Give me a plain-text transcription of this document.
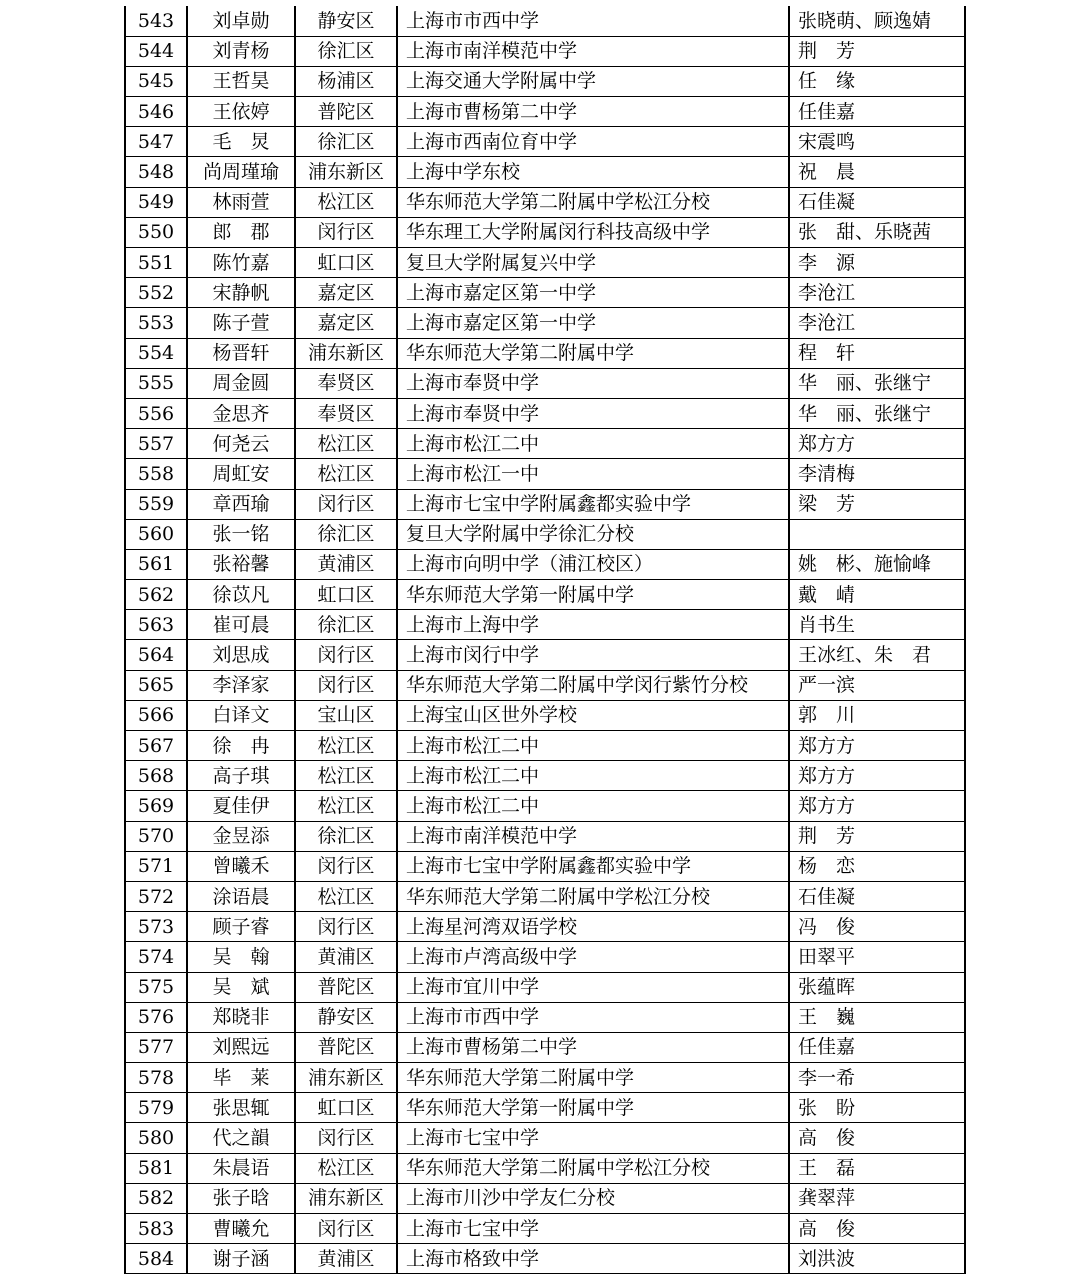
543	刘卓勋	静安区	上海市市西中学	张晓萌、顾逸婧
544	刘青杨	徐汇区	上海市南洋模范中学	荆　芳
545	王哲昊	杨浦区	上海交通大学附属中学	任　缘
546	王依婷	普陀区	上海市曹杨第二中学	任佳嘉
547	毛　炅	徐汇区	上海市西南位育中学	宋震鸣
548	尚周瑾瑜	浦东新区	上海中学东校	祝　晨
549	林雨萱	松江区	华东师范大学第二附属中学松江分校	石佳凝
550	郎　郡	闵行区	华东理工大学附属闵行科技高级中学	张　甜、乐晓茜
551	陈竹嘉	虹口区	复旦大学附属复兴中学	李　源
552	宋静帆	嘉定区	上海市嘉定区第一中学	李沧江
553	陈子萱	嘉定区	上海市嘉定区第一中学	李沧江
554	杨晋轩	浦东新区	华东师范大学第二附属中学	程　轩
555	周金圆	奉贤区	上海市奉贤中学	华　丽、张继宁
556	金思齐	奉贤区	上海市奉贤中学	华　丽、张继宁
557	何尧云	松江区	上海市松江二中	郑方方
558	周虹安	松江区	上海市松江一中	李清梅
559	章西瑜	闵行区	上海市七宝中学附属鑫都实验中学	梁　芳
560	张一铭	徐汇区	复旦大学附属中学徐汇分校	
561	张裕馨	黄浦区	上海市向明中学（浦江校区）	姚　彬、施愉峰
562	徐苡凡	虹口区	华东师范大学第一附属中学	戴　崝
563	崔可晨	徐汇区	上海市上海中学	肖书生
564	刘思成	闵行区	上海市闵行中学	王冰红、朱　君
565	李泽家	闵行区	华东师范大学第二附属中学闵行紫竹分校	严一滨
566	白译文	宝山区	上海宝山区世外学校	郭　川
567	徐　冉	松江区	上海市松江二中	郑方方
568	高子琪	松江区	上海市松江二中	郑方方
569	夏佳伊	松江区	上海市松江二中	郑方方
570	金昱添	徐汇区	上海市南洋模范中学	荆　芳
571	曾曦禾	闵行区	上海市七宝中学附属鑫都实验中学	杨　恋
572	涂语晨	松江区	华东师范大学第二附属中学松江分校	石佳凝
573	顾子睿	闵行区	上海星河湾双语学校	冯　俊
574	吴　翰	黄浦区	上海市卢湾高级中学	田翠平
575	吴　斌	普陀区	上海市宜川中学	张蕴晖
576	郑晓非	静安区	上海市市西中学	王　巍
577	刘熙远	普陀区	上海市曹杨第二中学	任佳嘉
578	毕　莱	浦东新区	华东师范大学第二附属中学	李一希
579	张思辄	虹口区	华东师范大学第一附属中学	张　盼
580	代之韻	闵行区	上海市七宝中学	高　俊
581	朱晨语	松江区	华东师范大学第二附属中学松江分校	王　磊
582	张子晗	浦东新区	上海市川沙中学友仁分校	龚翠萍
583	曹曦允	闵行区	上海市七宝中学	高　俊
584	谢子涵	黄浦区	上海市格致中学	刘洪波
